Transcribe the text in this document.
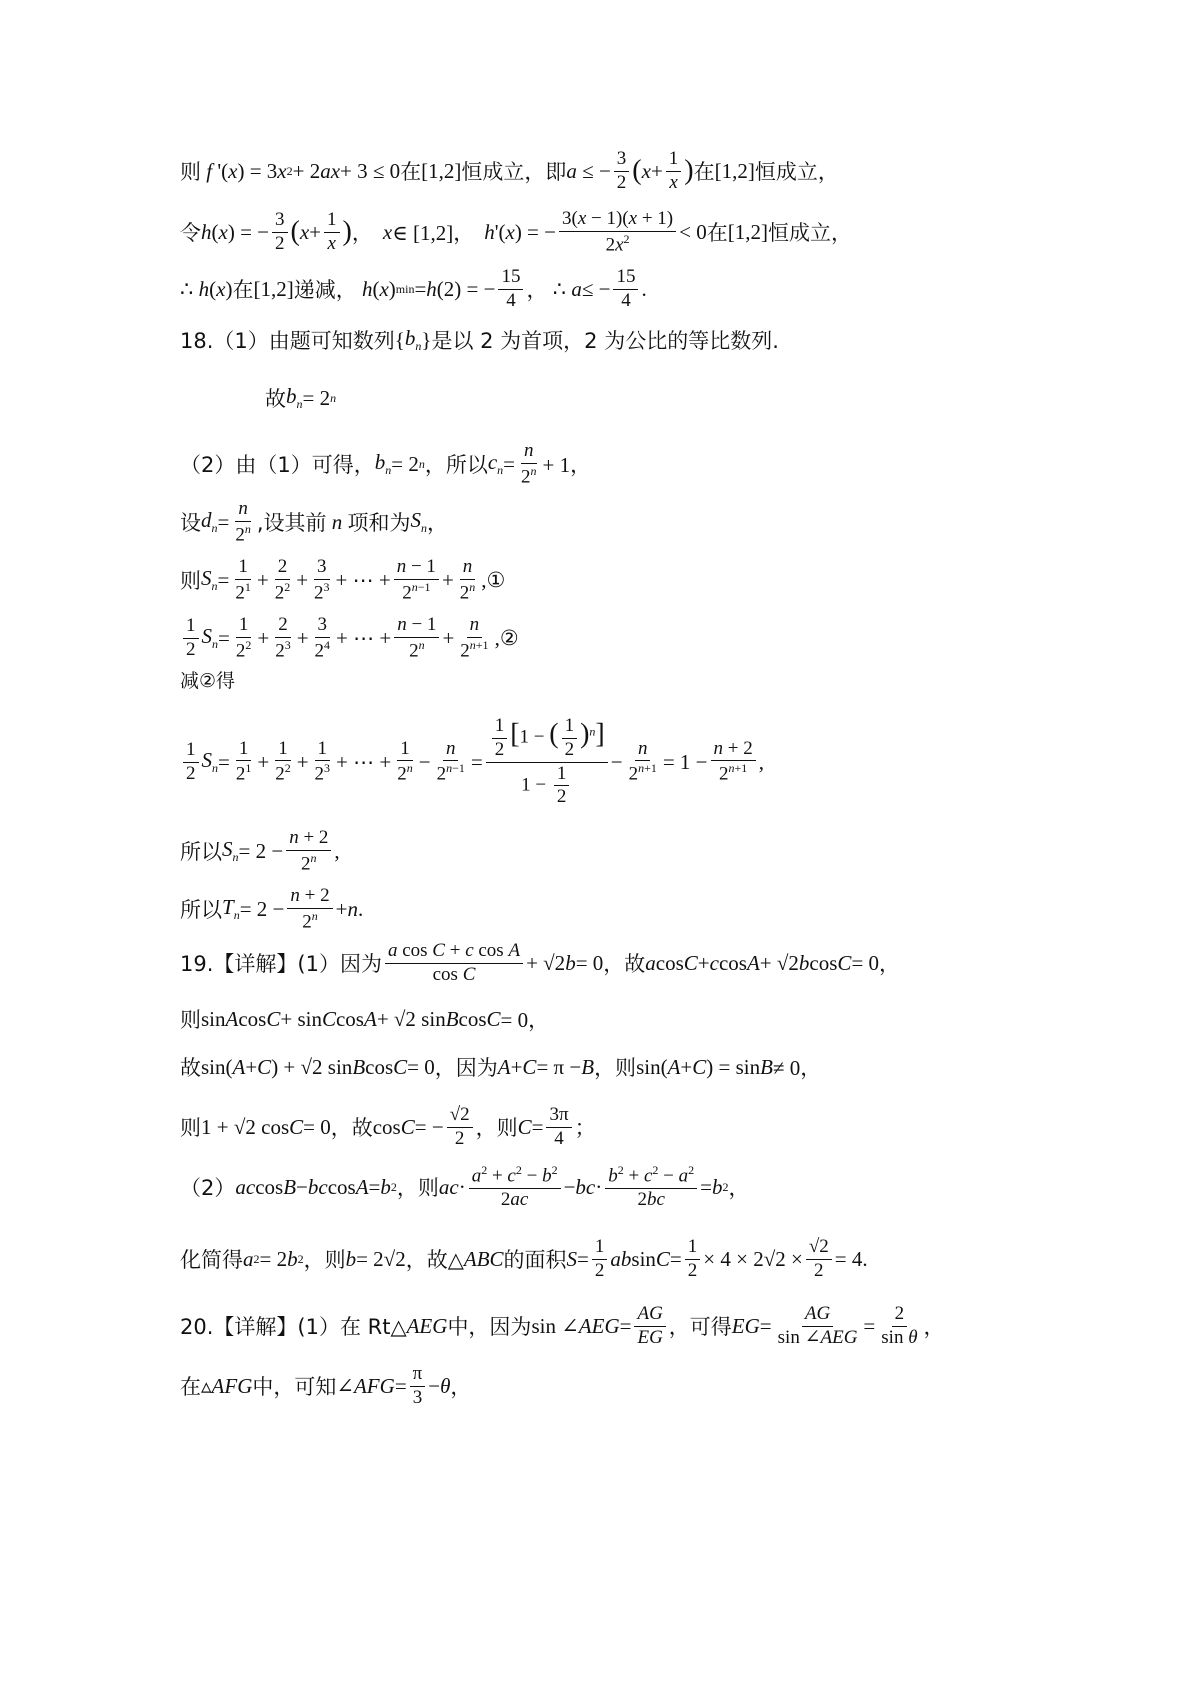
则 f '( x ) = 3 x 2 + 2 ax + 3 ≤ 0 在 [1,2] 恒成立，即 a ≤ − $\frac{3}{2}$ ( $x + \frac{1}{x}$ ) 在 [1,2] 恒成立，
令 h ( x ) = − $\frac{3}{2}$ ( $x + \frac{1}{x}$ ) ， x ∈ [1,2]， h '( x ) = − $\frac{3(x - 1)(x + 1)}{2x^2} < 0$ 在 [1,2] 恒成立，
∴
h ( x ) 在 [1,2] 递减，
h ( x ) min = h (2) = − $\frac{15}{4}$ ， ∴
a ≤ − $\frac{15}{4}$ .
18.（1）由题可知数列 { $b_n$ } 是以 2 为首项，2 为公比的等比数列.
故 $b_n = 2$ n
（2）由（1）可得， $b_n = 2$ n ，所以 $c_n = \frac{n}{2^n} + 1$，
设 $d_n = \frac{n}{2^n}$ ,设其前 n 项和为 $S_n$ ，
则 $S_n = \frac{1}{2^1} + \frac{2}{2^2} + \frac{3}{2^3}$ + ⋯ + $\frac{n - 1}{2^{n-1}} + \frac{n}{2^n}$ , ①
$\frac{1}{2} S_n = \frac{1}{2^2} + \frac{2}{2^3} + \frac{3}{2^4}$ + ⋯ + $\frac{n - 1}{2^n} + \frac{n}{2^{n+1}}$ , ②
减②得
$\frac{1}{2} S_n = \frac{1}{2^1} + \frac{1}{2^2} + \frac{1}{2^3}$ + ⋯ + $\frac{1}{2^n} - \frac{n}{2^{n-1}} = \frac{\frac{1}{2} [1 - ( \frac{1}{2} )^n]}{1 - \frac{1}{2}} - \frac{n}{2^{n+1}} = 1 - \frac{n + 2}{2^{n+1}}$ ,
所以 $S_n = 2 - \frac{n + 2}{2^n}$ ,
所以 $T_n = 2 - \frac{n + 2}{2^n} + n$ .
19.【详解】(1）因为 $\frac{\text{a cos C + c cos A}}{\text{cos C}} + √2$ b = 0 ，故 a cos C + c cos A + √2 b cos C = 0 ，
则 sin A cos C + sin C cos A + √2 sin B cos C = 0，
故 sin( A + C ) + √2 sin B cos C = 0 ，因为 A + C = π − B ，则 sin( A + C ) = sin B ≠ 0，
则 1 + √2 cos C = 0 ，故 cos C = − $\frac{√2}{2}$ ，则 $C = \frac{3\pi}{4}$ ；
（2） ac cos B − bc cos A = b 2 ，则 ac · $\frac{a^2 + c^2 - b^2}{2ac}$ − bc · $\frac{b^2 + c^2 - a^2}{2bc} = b$ 2 ，
化简得 a 2 = 2 b 2 ，则 b = 2√2 ，故△ ABC 的面积 $S = \frac{1}{2}$ ab $\sin C = \frac{1}{2} \times 4 \times 2√2 \times \frac{√2}{2} = 4$.
20.【详解】(1）在 Rt△ AEG 中，因为 sin ∠ AEG = $\frac{AG}{EG}$ ，可得 EG = $\frac{AG}{\text{sin ∠AEG}} = \frac{2}{\text{sin θ}}$ ，
在 ▵ AFG 中，可知 ∠ AFG = $\frac{\pi}{3} - \theta$ ，
